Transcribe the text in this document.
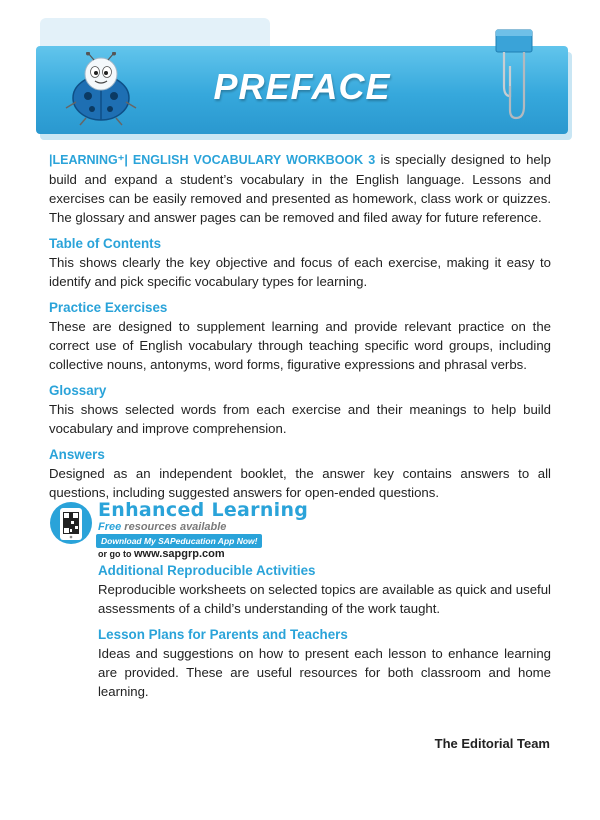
PREFACE

|LEARNING⁺| ENGLISH VOCABULARY WORKBOOK 3 is specially designed to help build and expand a student’s vocabulary in the English language. Lessons and exercises can be easily removed and presented as homework, class work or quizzes. The glossary and answer pages can be removed and filed away for future reference.

Table of Contents

This shows clearly the key objective and focus of each exercise, making it easy to identify and pick specific vocabulary types for learning.

Practice Exercises

These are designed to supplement learning and provide relevant practice on the correct use of English vocabulary through teaching specific word groups, including collective nouns, antonyms, word forms, figurative expressions and phrasal verbs.

Glossary

This shows selected words from each exercise and their meanings to help build vocabulary and improve comprehension.

Answers

Designed as an independent booklet, the answer key contains answers to all questions, including suggested answers for open-ended questions.

Enhanced Learning
Free resources available
Download My SAPeducation App Now!
or go to www.sapgrp.com
Additional Reproducible Activities

Reproducible worksheets on selected topics are available as quick and useful assessments of a child’s understanding of the work taught.

Lesson Plans for Parents and Teachers

Ideas and suggestions on how to present each lesson to enhance learning are provided. These are useful resources for both classroom and home learning.

The Editorial Team
